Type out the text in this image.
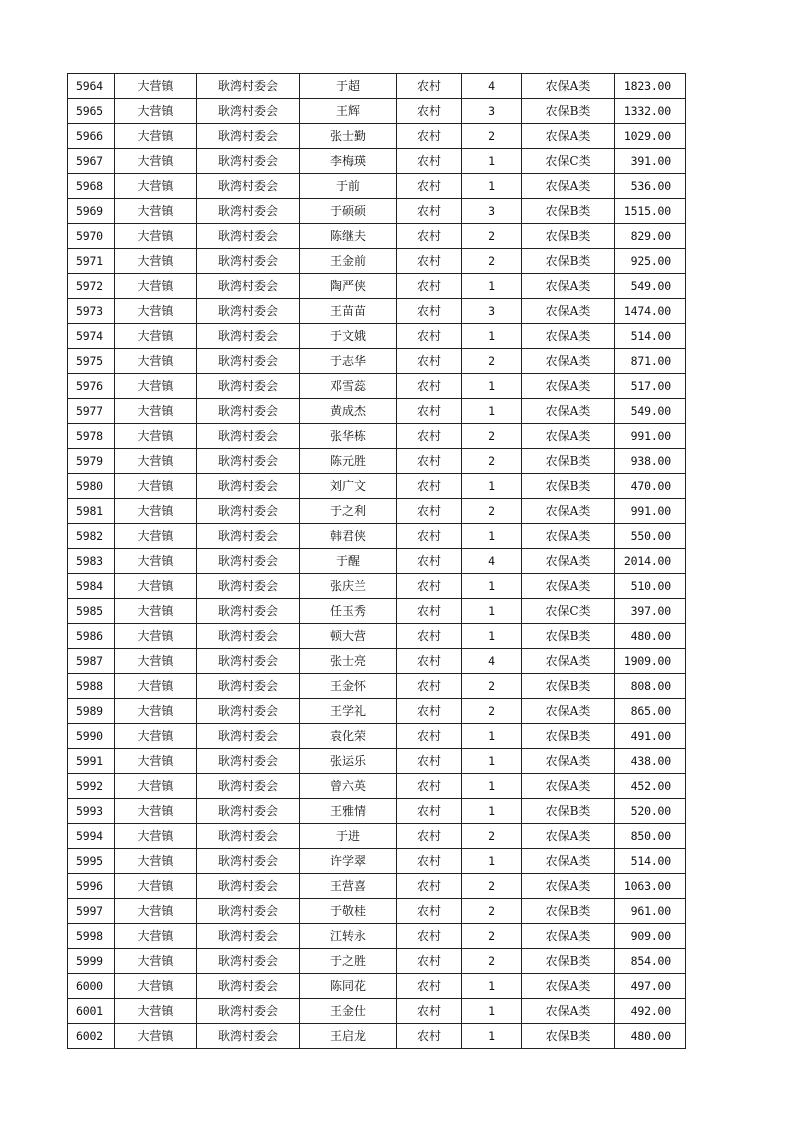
5964	大营镇	耿湾村委会	于超	农村	4	农保A类	1823.00
5965	大营镇	耿湾村委会	王辉	农村	3	农保B类	1332.00
5966	大营镇	耿湾村委会	张士勤	农村	2	农保A类	1029.00
5967	大营镇	耿湾村委会	李梅瑛	农村	1	农保C类	391.00
5968	大营镇	耿湾村委会	于前	农村	1	农保A类	536.00
5969	大营镇	耿湾村委会	于硕硕	农村	3	农保B类	1515.00
5970	大营镇	耿湾村委会	陈继夫	农村	2	农保B类	829.00
5971	大营镇	耿湾村委会	王金前	农村	2	农保B类	925.00
5972	大营镇	耿湾村委会	陶严侠	农村	1	农保A类	549.00
5973	大营镇	耿湾村委会	王苗苗	农村	3	农保A类	1474.00
5974	大营镇	耿湾村委会	于文娥	农村	1	农保A类	514.00
5975	大营镇	耿湾村委会	于志华	农村	2	农保A类	871.00
5976	大营镇	耿湾村委会	邓雪蕊	农村	1	农保A类	517.00
5977	大营镇	耿湾村委会	黄成杰	农村	1	农保A类	549.00
5978	大营镇	耿湾村委会	张华栋	农村	2	农保A类	991.00
5979	大营镇	耿湾村委会	陈元胜	农村	2	农保B类	938.00
5980	大营镇	耿湾村委会	刘广文	农村	1	农保B类	470.00
5981	大营镇	耿湾村委会	于之利	农村	2	农保A类	991.00
5982	大营镇	耿湾村委会	韩君侠	农村	1	农保A类	550.00
5983	大营镇	耿湾村委会	于醒	农村	4	农保A类	2014.00
5984	大营镇	耿湾村委会	张庆兰	农村	1	农保A类	510.00
5985	大营镇	耿湾村委会	任玉秀	农村	1	农保C类	397.00
5986	大营镇	耿湾村委会	顿大营	农村	1	农保B类	480.00
5987	大营镇	耿湾村委会	张士亮	农村	4	农保A类	1909.00
5988	大营镇	耿湾村委会	王金怀	农村	2	农保B类	808.00
5989	大营镇	耿湾村委会	王学礼	农村	2	农保A类	865.00
5990	大营镇	耿湾村委会	袁化荣	农村	1	农保B类	491.00
5991	大营镇	耿湾村委会	张运乐	农村	1	农保A类	438.00
5992	大营镇	耿湾村委会	曾六英	农村	1	农保A类	452.00
5993	大营镇	耿湾村委会	王雅情	农村	1	农保B类	520.00
5994	大营镇	耿湾村委会	于进	农村	2	农保A类	850.00
5995	大营镇	耿湾村委会	许学翠	农村	1	农保A类	514.00
5996	大营镇	耿湾村委会	王营喜	农村	2	农保A类	1063.00
5997	大营镇	耿湾村委会	于敬桂	农村	2	农保B类	961.00
5998	大营镇	耿湾村委会	江转永	农村	2	农保A类	909.00
5999	大营镇	耿湾村委会	于之胜	农村	2	农保B类	854.00
6000	大营镇	耿湾村委会	陈同花	农村	1	农保A类	497.00
6001	大营镇	耿湾村委会	王金仕	农村	1	农保A类	492.00
6002	大营镇	耿湾村委会	王启龙	农村	1	农保B类	480.00
